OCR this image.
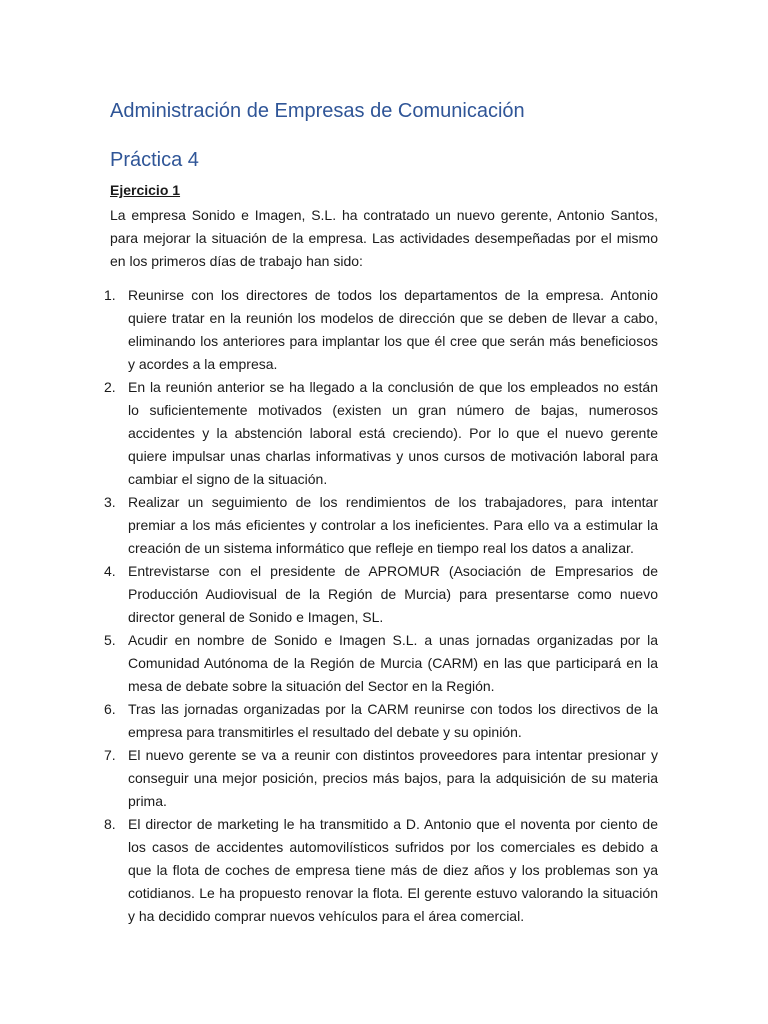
Administración de Empresas de Comunicación
Práctica 4
Ejercicio 1

La empresa Sonido e Imagen, S.L. ha contratado un nuevo gerente, Antonio Santos, para mejorar la situación de la empresa. Las actividades desempeñadas por el mismo en los primeros días de trabajo han sido:

1. Reunirse con los directores de todos los departamentos de la empresa. Antonio quiere tratar en la reunión los modelos de dirección que se deben de llevar a cabo, eliminando los anteriores para implantar los que él cree que serán más beneficiosos y acordes a la empresa.
2. En la reunión anterior se ha llegado a la conclusión de que los empleados no están lo suficientemente motivados (existen un gran número de bajas, numerosos accidentes y la abstención laboral está creciendo). Por lo que el nuevo gerente quiere impulsar unas charlas informativas y unos cursos de motivación laboral para cambiar el signo de la situación.
3. Realizar un seguimiento de los rendimientos de los trabajadores, para intentar premiar a los más eficientes y controlar a los ineficientes. Para ello va a estimular la creación de un sistema informático que refleje en tiempo real los datos a analizar.
4. Entrevistarse con el presidente de APROMUR (Asociación de Empresarios de Producción Audiovisual de la Región de Murcia) para presentarse como nuevo director general de Sonido e Imagen, SL.
5. Acudir en nombre de Sonido e Imagen S.L. a unas jornadas organizadas por la Comunidad Autónoma de la Región de Murcia (CARM) en las que participará en la mesa de debate sobre la situación del Sector en la Región.
6. Tras las jornadas organizadas por la CARM reunirse con todos los directivos de la empresa para transmitirles el resultado del debate y su opinión.
7. El nuevo gerente se va a reunir con distintos proveedores para intentar presionar y conseguir una mejor posición, precios más bajos, para la adquisición de su materia prima.
8. El director de marketing le ha transmitido a D. Antonio que el noventa por ciento de los casos de accidentes automovilísticos sufridos por los comerciales es debido a que la flota de coches de empresa tiene más de diez años y los problemas son ya cotidianos. Le ha propuesto renovar la flota. El gerente estuvo valorando la situación y ha decidido comprar nuevos vehículos para el área comercial.
